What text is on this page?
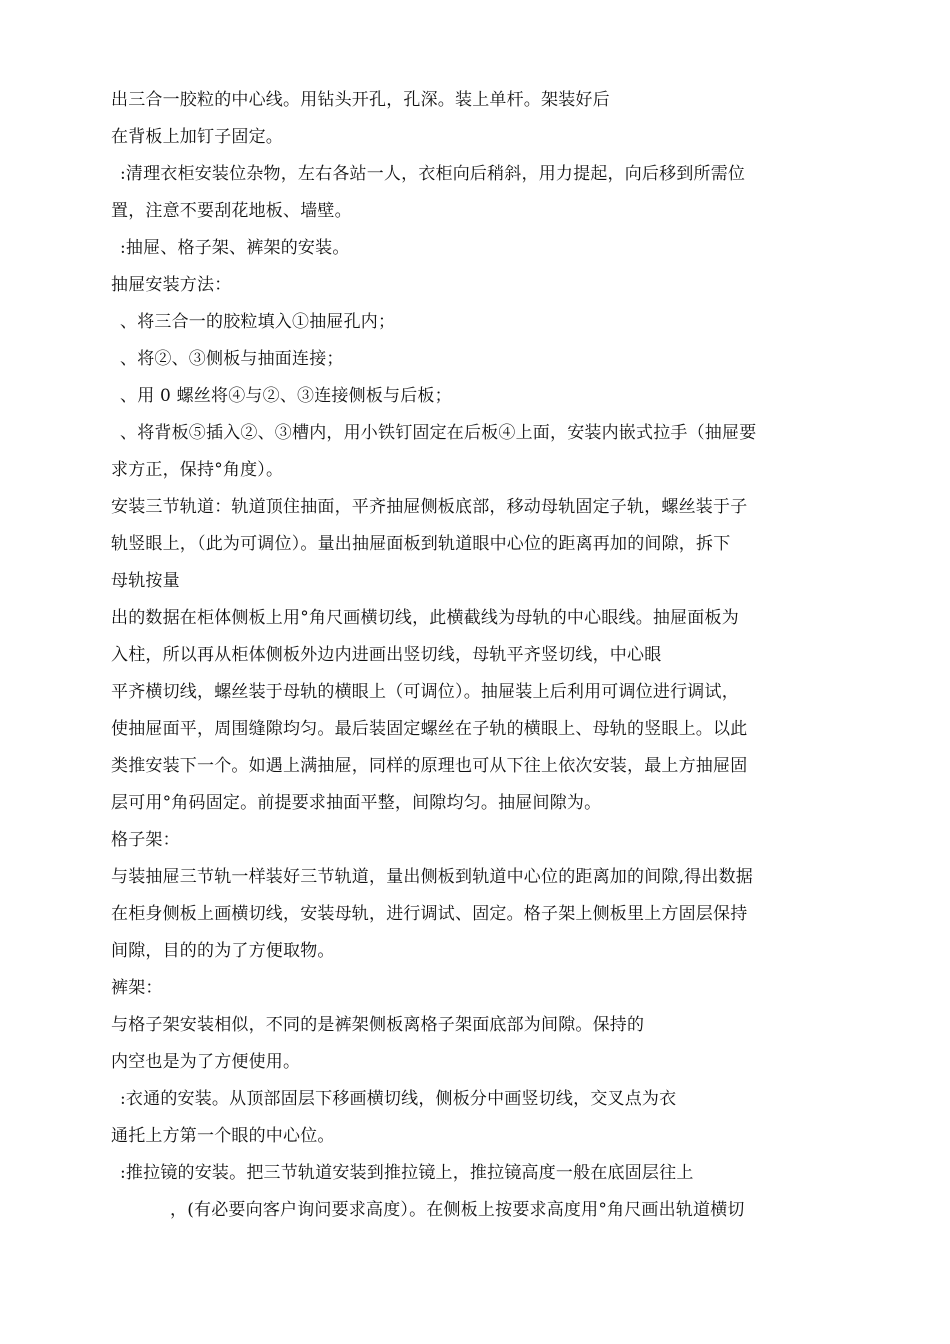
出三合一胶粒的中心线。用钻头开孔，孔深。装上单杆。架装好后
在背板上加钉子固定。
:清理衣柜安装位杂物，左右各站一人，衣柜向后稍斜，用力提起，向后移到所需位
置，注意不要刮花地板、墙壁。
:抽屉、格子架、裤架的安装。
抽屉安装方法：
、将三合一的胶粒填入①抽屉孔内；
、将②、③侧板与抽面连接；
、用 0 螺丝将④与②、③连接侧板与后板；
、将背板⑤插入②、③槽内，用小铁钉固定在后板④上面，安装内嵌式拉手（抽屉要
求方正，保持°角度）。
安装三节轨道：轨道顶住抽面，平齐抽屉侧板底部，移动母轨固定子轨，螺丝装于子
轨竖眼上，（此为可调位）。量出抽屉面板到轨道眼中心位的距离再加的间隙，拆下
母轨按量
出的数据在柜体侧板上用°角尺画横切线，此横截线为母轨的中心眼线。抽屉面板为
入柱，所以再从柜体侧板外边内进画出竖切线，母轨平齐竖切线，中心眼
平齐横切线，螺丝装于母轨的横眼上（可调位）。抽屉装上后利用可调位进行调试，
使抽屉面平，周围缝隙均匀。最后装固定螺丝在子轨的横眼上、母轨的竖眼上。以此
类推安装下一个。如遇上满抽屉，同样的原理也可从下往上依次安装，最上方抽屉固
层可用°角码固定。前提要求抽面平整，间隙均匀。抽屉间隙为。
格子架：
与装抽屉三节轨一样装好三节轨道，量出侧板到轨道中心位的距离加的间隙,得出数据
在柜身侧板上画横切线，安装母轨，进行调试、固定。格子架上侧板里上方固层保持
间隙，目的的为了方便取物。
裤架：
与格子架安装相似，不同的是裤架侧板离格子架面底部为间隙。保持的
内空也是为了方便使用。
:衣通的安装。从顶部固层下移画横切线，侧板分中画竖切线，交叉点为衣
通托上方第一个眼的中心位。
:推拉镜的安装。把三节轨道安装到推拉镜上，推拉镜高度一般在底固层往上
，(有必要向客户询问要求高度）。在侧板上按要求高度用°角尺画出轨道横切
